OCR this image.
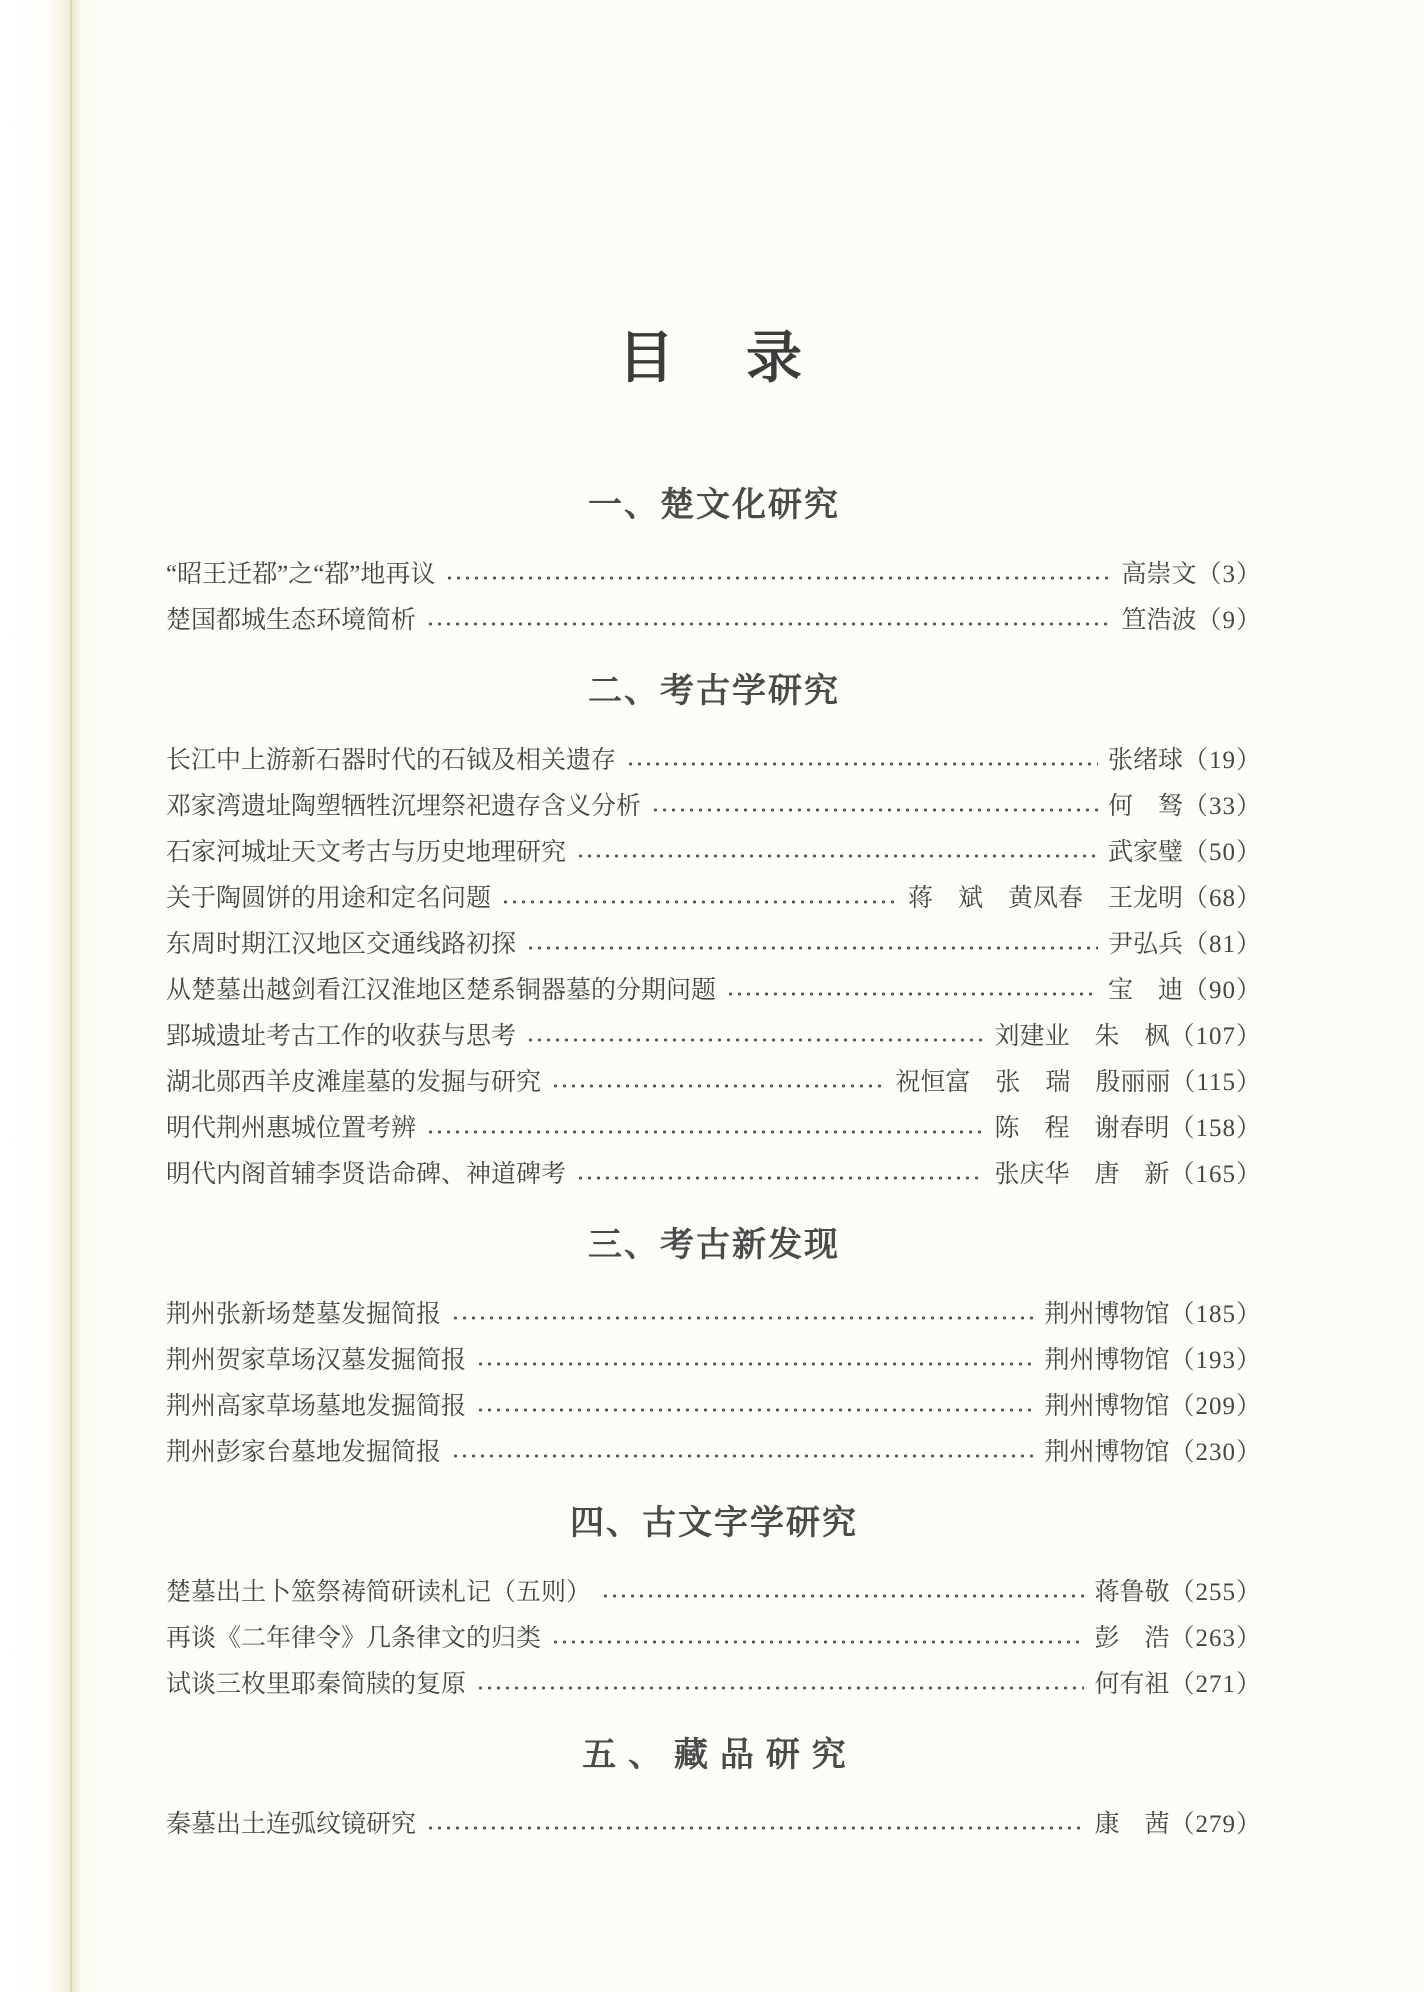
目　录
一、楚文化研究
“昭王迁鄀”之“鄀”地再议	高崇文 （3）
楚国都城生态环境简析	笪浩波 （9）
二、考古学研究
长江中上游新石器时代的石钺及相关遗存	张绪球 （19）
邓家湾遗址陶塑牺牲沉埋祭祀遗存含义分析	何　驽 （33）
石家河城址天文考古与历史地理研究	武家璧 （50）
关于陶圆饼的用途和定名问题	蒋　斌　黄凤春　王龙明 （68）
东周时期江汉地区交通线路初探	尹弘兵 （81）
从楚墓出越剑看江汉淮地区楚系铜器墓的分期问题	宝　迪 （90）
郢城遗址考古工作的收获与思考	刘建业　朱　枫 （107）
湖北郧西羊皮滩崖墓的发掘与研究	祝恒富　张　瑞　殷丽丽 （115）
明代荆州惠城位置考辨	陈　程　谢春明 （158）
明代内阁首辅李贤诰命碑、神道碑考	张庆华　唐　新 （165）
三、考古新发现
荆州张新场楚墓发掘简报	荆州博物馆 （185）
荆州贺家草场汉墓发掘简报	荆州博物馆 （193）
荆州高家草场墓地发掘简报	荆州博物馆 （209）
荆州彭家台墓地发掘简报	荆州博物馆 （230）
四、古文字学研究
楚墓出土卜筮祭祷简研读札记（五则）	蒋鲁敬 （255）
再谈《二年律令》几条律文的归类	彭　浩 （263）
试谈三枚里耶秦简牍的复原	何有祖 （271）
五、藏品研究
秦墓出土连弧纹镜研究	康　茜 （279）
